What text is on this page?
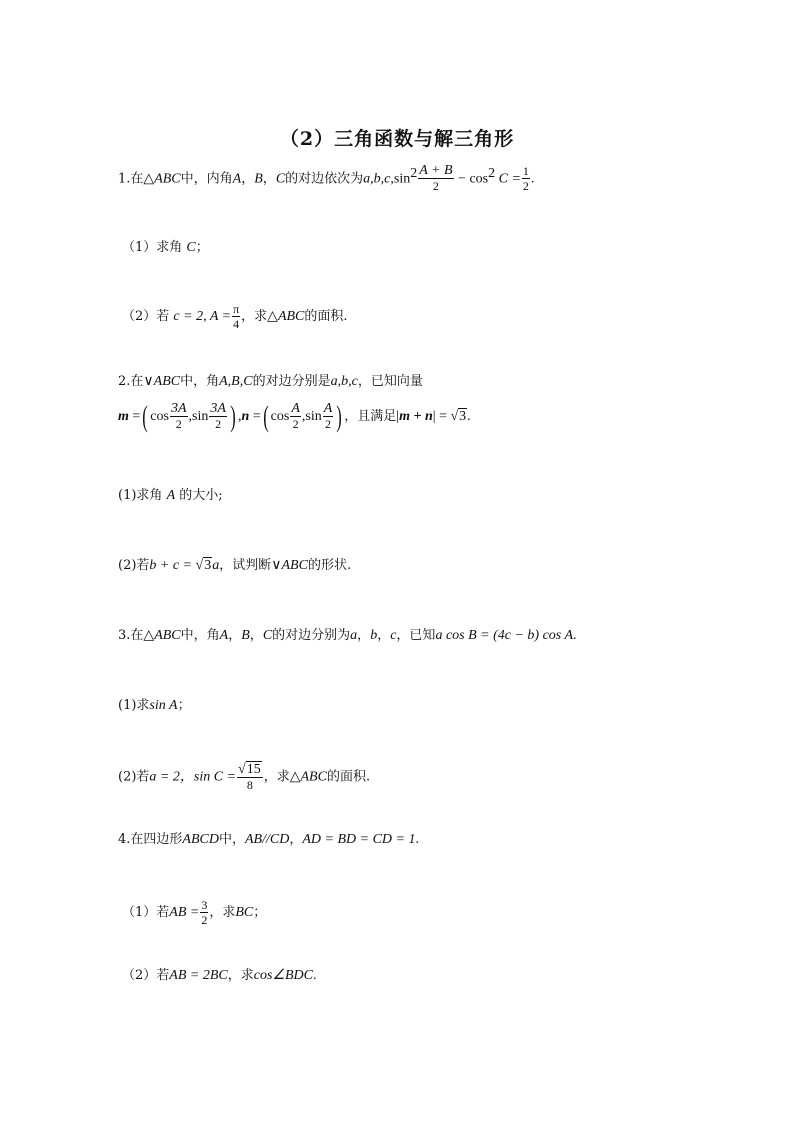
（2）三角函数与解三角形
1.在△ABC中，内角A，B，C的对边依次为$a,b,c,\sin^2 \frac{A + B}{2} - \cos^2 C = \frac{1}{2}$ .
（1）求角 C；
（2）若 c = 2, $A = \frac{\pi}{4}$ ，求△ABC的面积.
2.在∨ABC中，角A,B,C的对边分别是a,b,c，已知向量
m =( $\cos \frac{3A}{2} ,\sin \frac{3A}{2}$ ) ,n =( $\cos \frac{A}{2} ,\sin \frac{A}{2}$ ) ，且满足|m + n| = √3.
(1)求角 A 的大小;
(2)若b + c = √3a，试判断∨ABC的形状.
3.在△ABC中，角A，B，C的对边分别为a，b，c，已知a cos B = (4c − b) cos A.
(1)求sin A；
(2)若a = 2，$\sin C = \frac{√15}{8}$ ，求△ABC的面积.
4.在四边形ABCD中，AB//CD，AD = BD = CD = 1.
（1）若AB = $\frac{3}{2}$ ，求BC；
（2）若AB = 2BC，求cos∠BDC.
